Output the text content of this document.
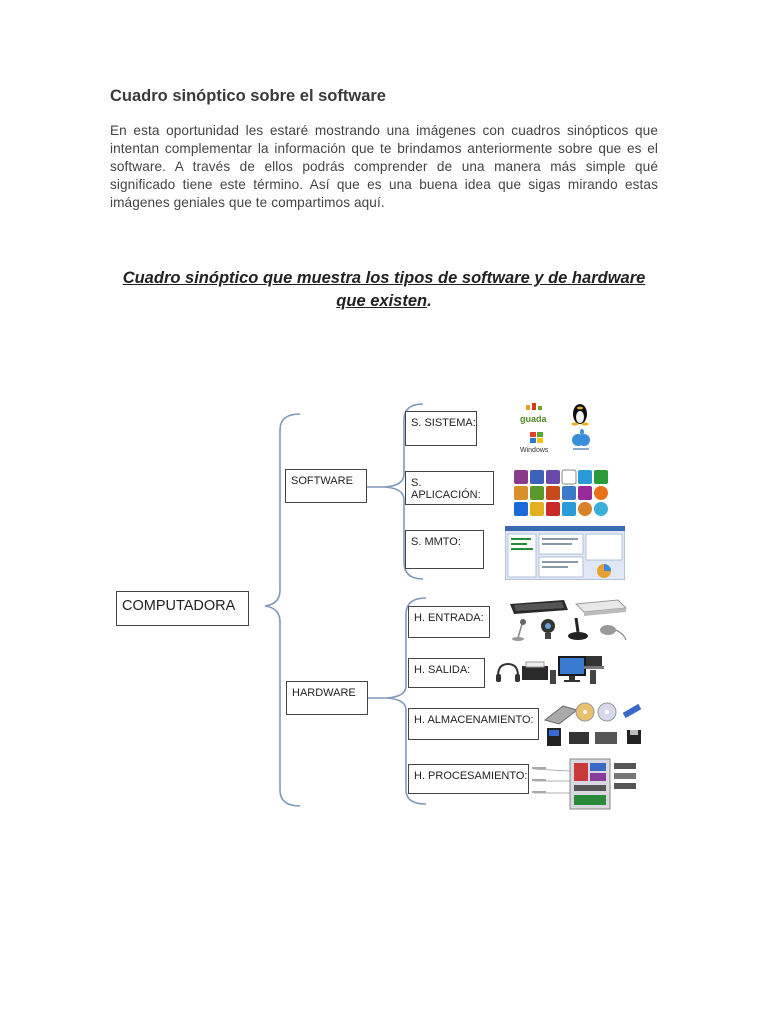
Cuadro sinóptico sobre el software

En esta oportunidad les estaré mostrando una imágenes con cuadros sinópticos que intentan complementar la información que te brindamos anteriormente sobre que es el software. A través de ellos podrás comprender de una manera más simple qué significado tiene este término. Así que es una buena idea que sigas mirando estas imágenes geniales que te compartimos aquí.

Cuadro sinóptico que muestra los tipos de software y de hardware que existen.

COMPUTADORA
SOFTWARE
S. SISTEMA:
S. APLICACIÓN:
S. MMTO:
HARDWARE
H. ENTRADA:
H. SALIDA:
H. ALMACENAMIENTO:
H. PROCESAMIENTO:
guada
Windows
